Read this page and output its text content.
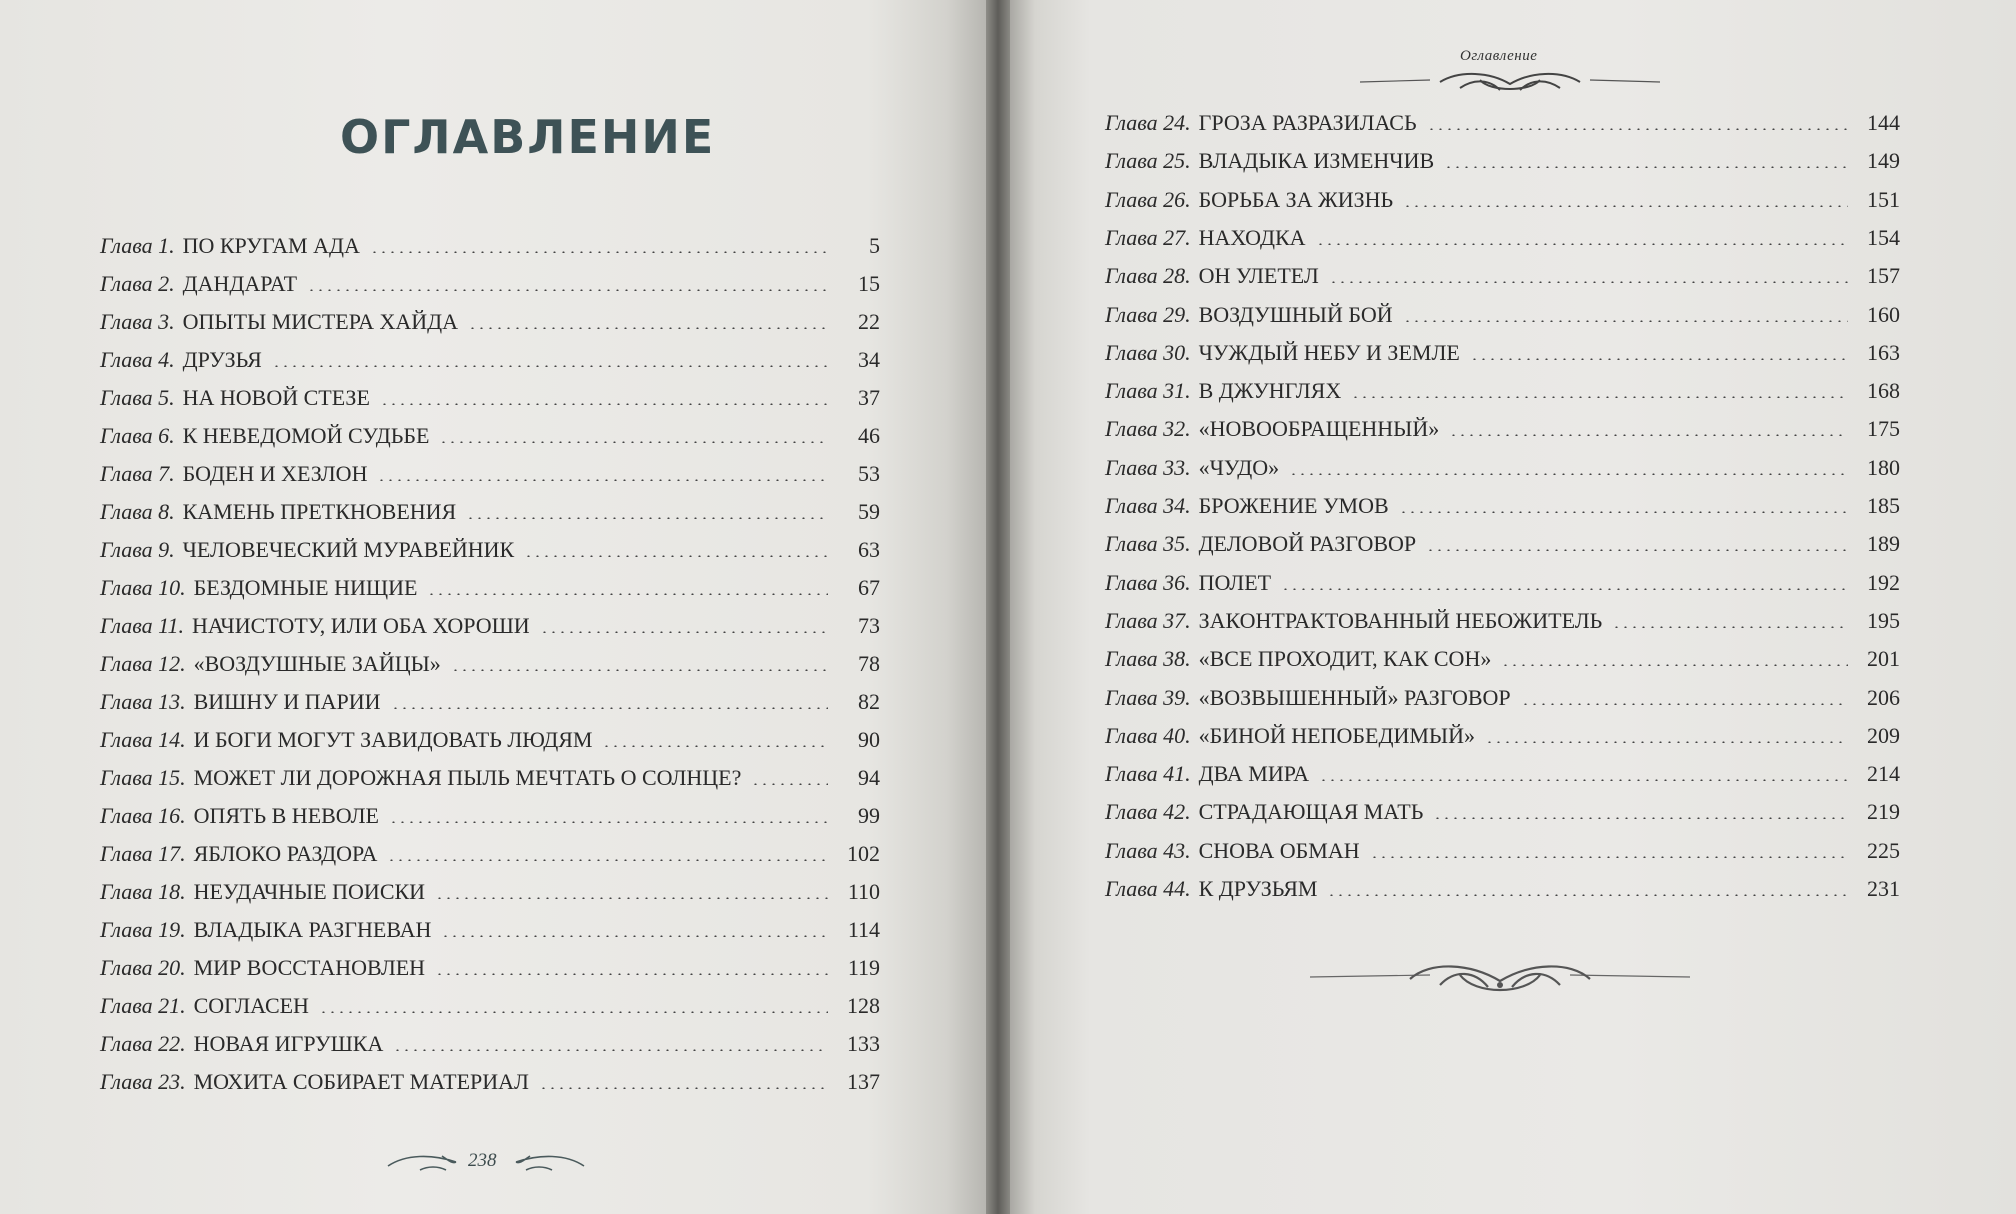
ОГЛАВЛЕНИЕ
Глава 1. ПО КРУГАМ АДА	5
Глава 2. ДАНДАРАТ	15
Глава 3. ОПЫТЫ МИСТЕРА ХАЙДА	22
Глава 4. ДРУЗЬЯ	34
Глава 5. НА НОВОЙ СТЕЗЕ	37
Глава 6. К НЕВЕДОМОЙ СУДЬБЕ	46
Глава 7. БОДЕН И ХЕЗЛОН	53
Глава 8. КАМЕНЬ ПРЕТКНОВЕНИЯ	59
Глава 9. ЧЕЛОВЕЧЕСКИЙ МУРАВЕЙНИК	63
Глава 10. БЕЗДОМНЫЕ НИЩИЕ	67
Глава 11. НАЧИСТОТУ, ИЛИ ОБА ХОРОШИ	73
Глава 12. «ВОЗДУШНЫЕ ЗАЙЦЫ»	78
Глава 13. ВИШНУ И ПАРИИ	82
Глава 14. И БОГИ МОГУТ ЗАВИДОВАТЬ ЛЮДЯМ	90
Глава 15. МОЖЕТ ЛИ ДОРОЖНАЯ ПЫЛЬ МЕЧТАТЬ О СОЛНЦЕ?	94
Глава 16. ОПЯТЬ В НЕВОЛЕ	99
Глава 17. ЯБЛОКО РАЗДОРА	102
Глава 18. НЕУДАЧНЫЕ ПОИСКИ	110
Глава 19. ВЛАДЫКА РАЗГНЕВАН	114
Глава 20. МИР ВОССТАНОВЛЕН	119
Глава 21. СОГЛАСЕН	128
Глава 22. НОВАЯ ИГРУШКА	133
Глава 23. МОХИТА СОБИРАЕТ МАТЕРИАЛ	137
238
Оглавление
Глава 24. ГРОЗА РАЗРАЗИЛАСЬ	144
Глава 25. ВЛАДЫКА ИЗМЕНЧИВ	149
Глава 26. БОРЬБА ЗА ЖИЗНЬ	151
Глава 27. НАХОДКА	154
Глава 28. ОН УЛЕТЕЛ	157
Глава 29. ВОЗДУШНЫЙ БОЙ	160
Глава 30. ЧУЖДЫЙ НЕБУ И ЗЕМЛЕ	163
Глава 31. В ДЖУНГЛЯХ	168
Глава 32. «НОВООБРАЩЕННЫЙ»	175
Глава 33. «ЧУДО»	180
Глава 34. БРОЖЕНИЕ УМОВ	185
Глава 35. ДЕЛОВОЙ РАЗГОВОР	189
Глава 36. ПОЛЕТ	192
Глава 37. ЗАКОНТРАКТОВАННЫЙ НЕБОЖИТЕЛЬ	195
Глава 38. «ВСЕ ПРОХОДИТ, КАК СОН»	201
Глава 39. «ВОЗВЫШЕННЫЙ» РАЗГОВОР	206
Глава 40. «БИНОЙ НЕПОБЕДИМЫЙ»	209
Глава 41. ДВА МИРА	214
Глава 42. СТРАДАЮЩАЯ МАТЬ	219
Глава 43. СНОВА ОБМАН	225
Глава 44. К ДРУЗЬЯМ	231
